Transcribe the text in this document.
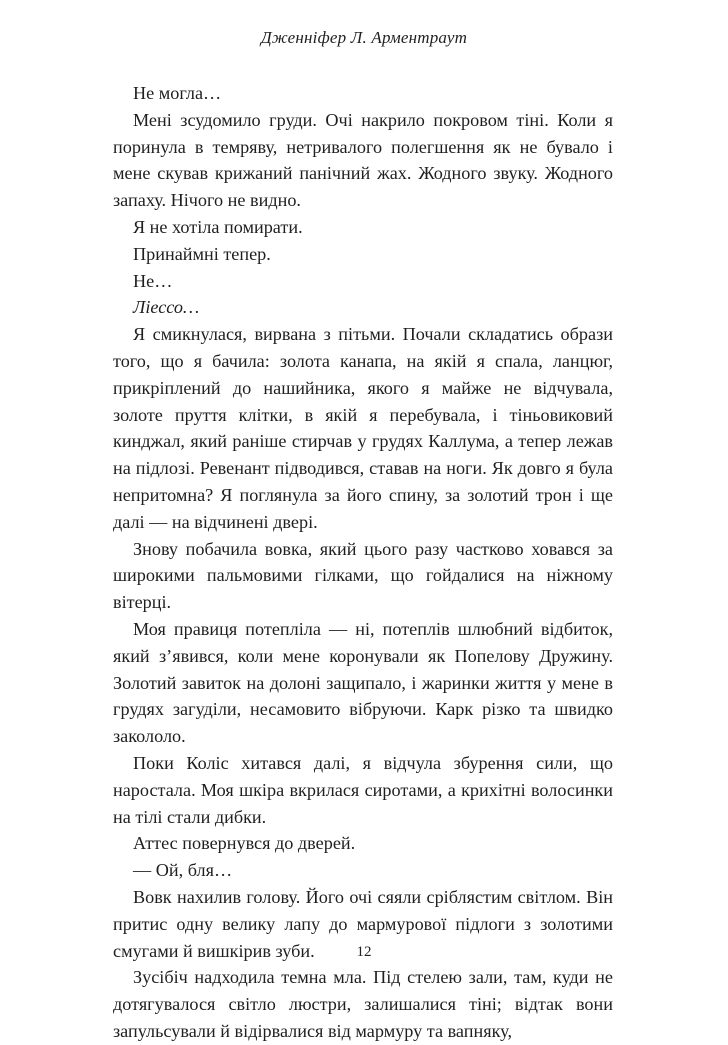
Дженніфер Л. Арментраут

Не могла…

Мені зсудомило груди. Очі накрило покровом тіні. Коли я поринула в темряву, нетривалого полегшення як не бувало і мене скував крижаний панічний жах. Жодного звуку. Жодного запаху. Нічого не видно.

Я не хотіла помирати.

Принаймні тепер.

Не…

Ліессо…

Я смикнулася, вирвана з пітьми. Почали складатись образи того, що я бачила: золота канапа, на якій я спала, ланцюг, прикріплений до нашийника, якого я майже не відчувала, золоте пруття клітки, в якій я перебувала, і тіньовиковий кинджал, який раніше стирчав у грудях Каллума, а тепер лежав на підлозі. Ревенант підводився, ставав на ноги. Як довго я була непритомна? Я поглянула за його спину, за золотий трон і ще далі — на відчинені двері.

Знову побачила вовка, який цього разу частково ховався за широкими пальмовими гілками, що гойдалися на ніжному вітерці.

Моя правиця потеплілa — ні, потеплів шлюбний відбиток, який з’явився, коли мене коронували як Попелову Дружину. Золотий завиток на долоні защипало, і жаринки життя у мене в грудях загуділи, несамовито вібруючи. Карк різко та швидко закололо.

Поки Коліс хитався далі, я відчула збурення сили, що наростала. Моя шкіра вкрилася сиротами, а крихітні волосинки на тілі стали дибки.

Аттес повернувся до дверей.

— Ой, бля…

Вовк нахилив голову. Його очі сяяли сріблястим світлом. Він притис одну велику лапу до мармурової підлоги з золотими смугами й вишкірив зуби.

Зусібіч надходила темна мла. Під стелею зали, там, куди не дотягувалося світло люстри, залишалися тіні; відтак вони запульсували й відірвалися від мармуру та вапняку,

12
